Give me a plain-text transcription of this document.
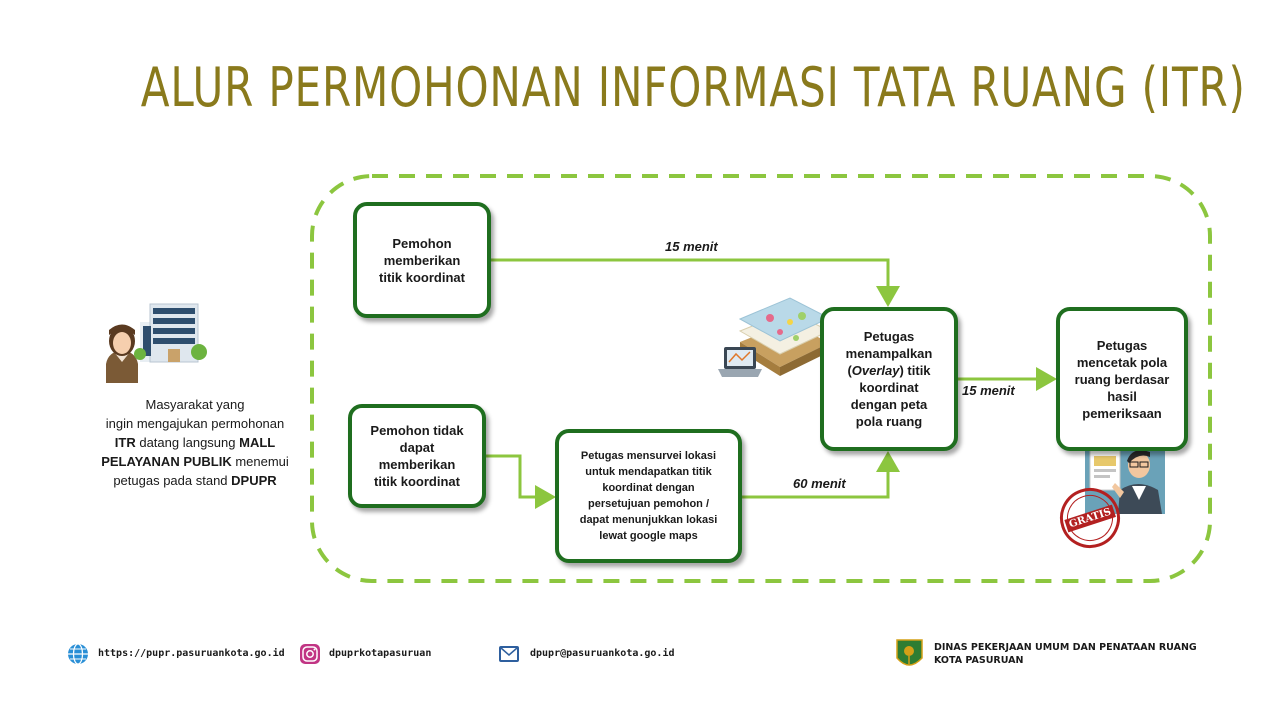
ALUR PERMOHONAN INFORMASI TATA RUANG (ITR)
Pemohon
memberikan
titik koordinat
Pemohon tidak
dapat
memberikan
titik koordinat
Petugas mensurvei lokasi
untuk mendapatkan titik
koordinat dengan
persetujuan pemohon /
dapat menunjukkan lokasi
lewat google maps
Petugas
menampalkan
(Overlay) titik
koordinat
dengan peta
pola ruang
Petugas
mencetak pola
ruang berdasar
hasil
pemeriksaan
15 menit
60 menit
15 menit
GRATIS
Masyarakat yang
ingin mengajukan permohonan
ITR datang langsung MALL
PELAYANAN PUBLIK menemui
petugas pada stand DPUPR
https://pupr.pasuruankota.go.id	dpuprkotapasuruan	dpupr@pasuruankota.go.id
DINAS PEKERJAAN UMUM DAN PENATAAN RUANG
KOTA PASURUAN
